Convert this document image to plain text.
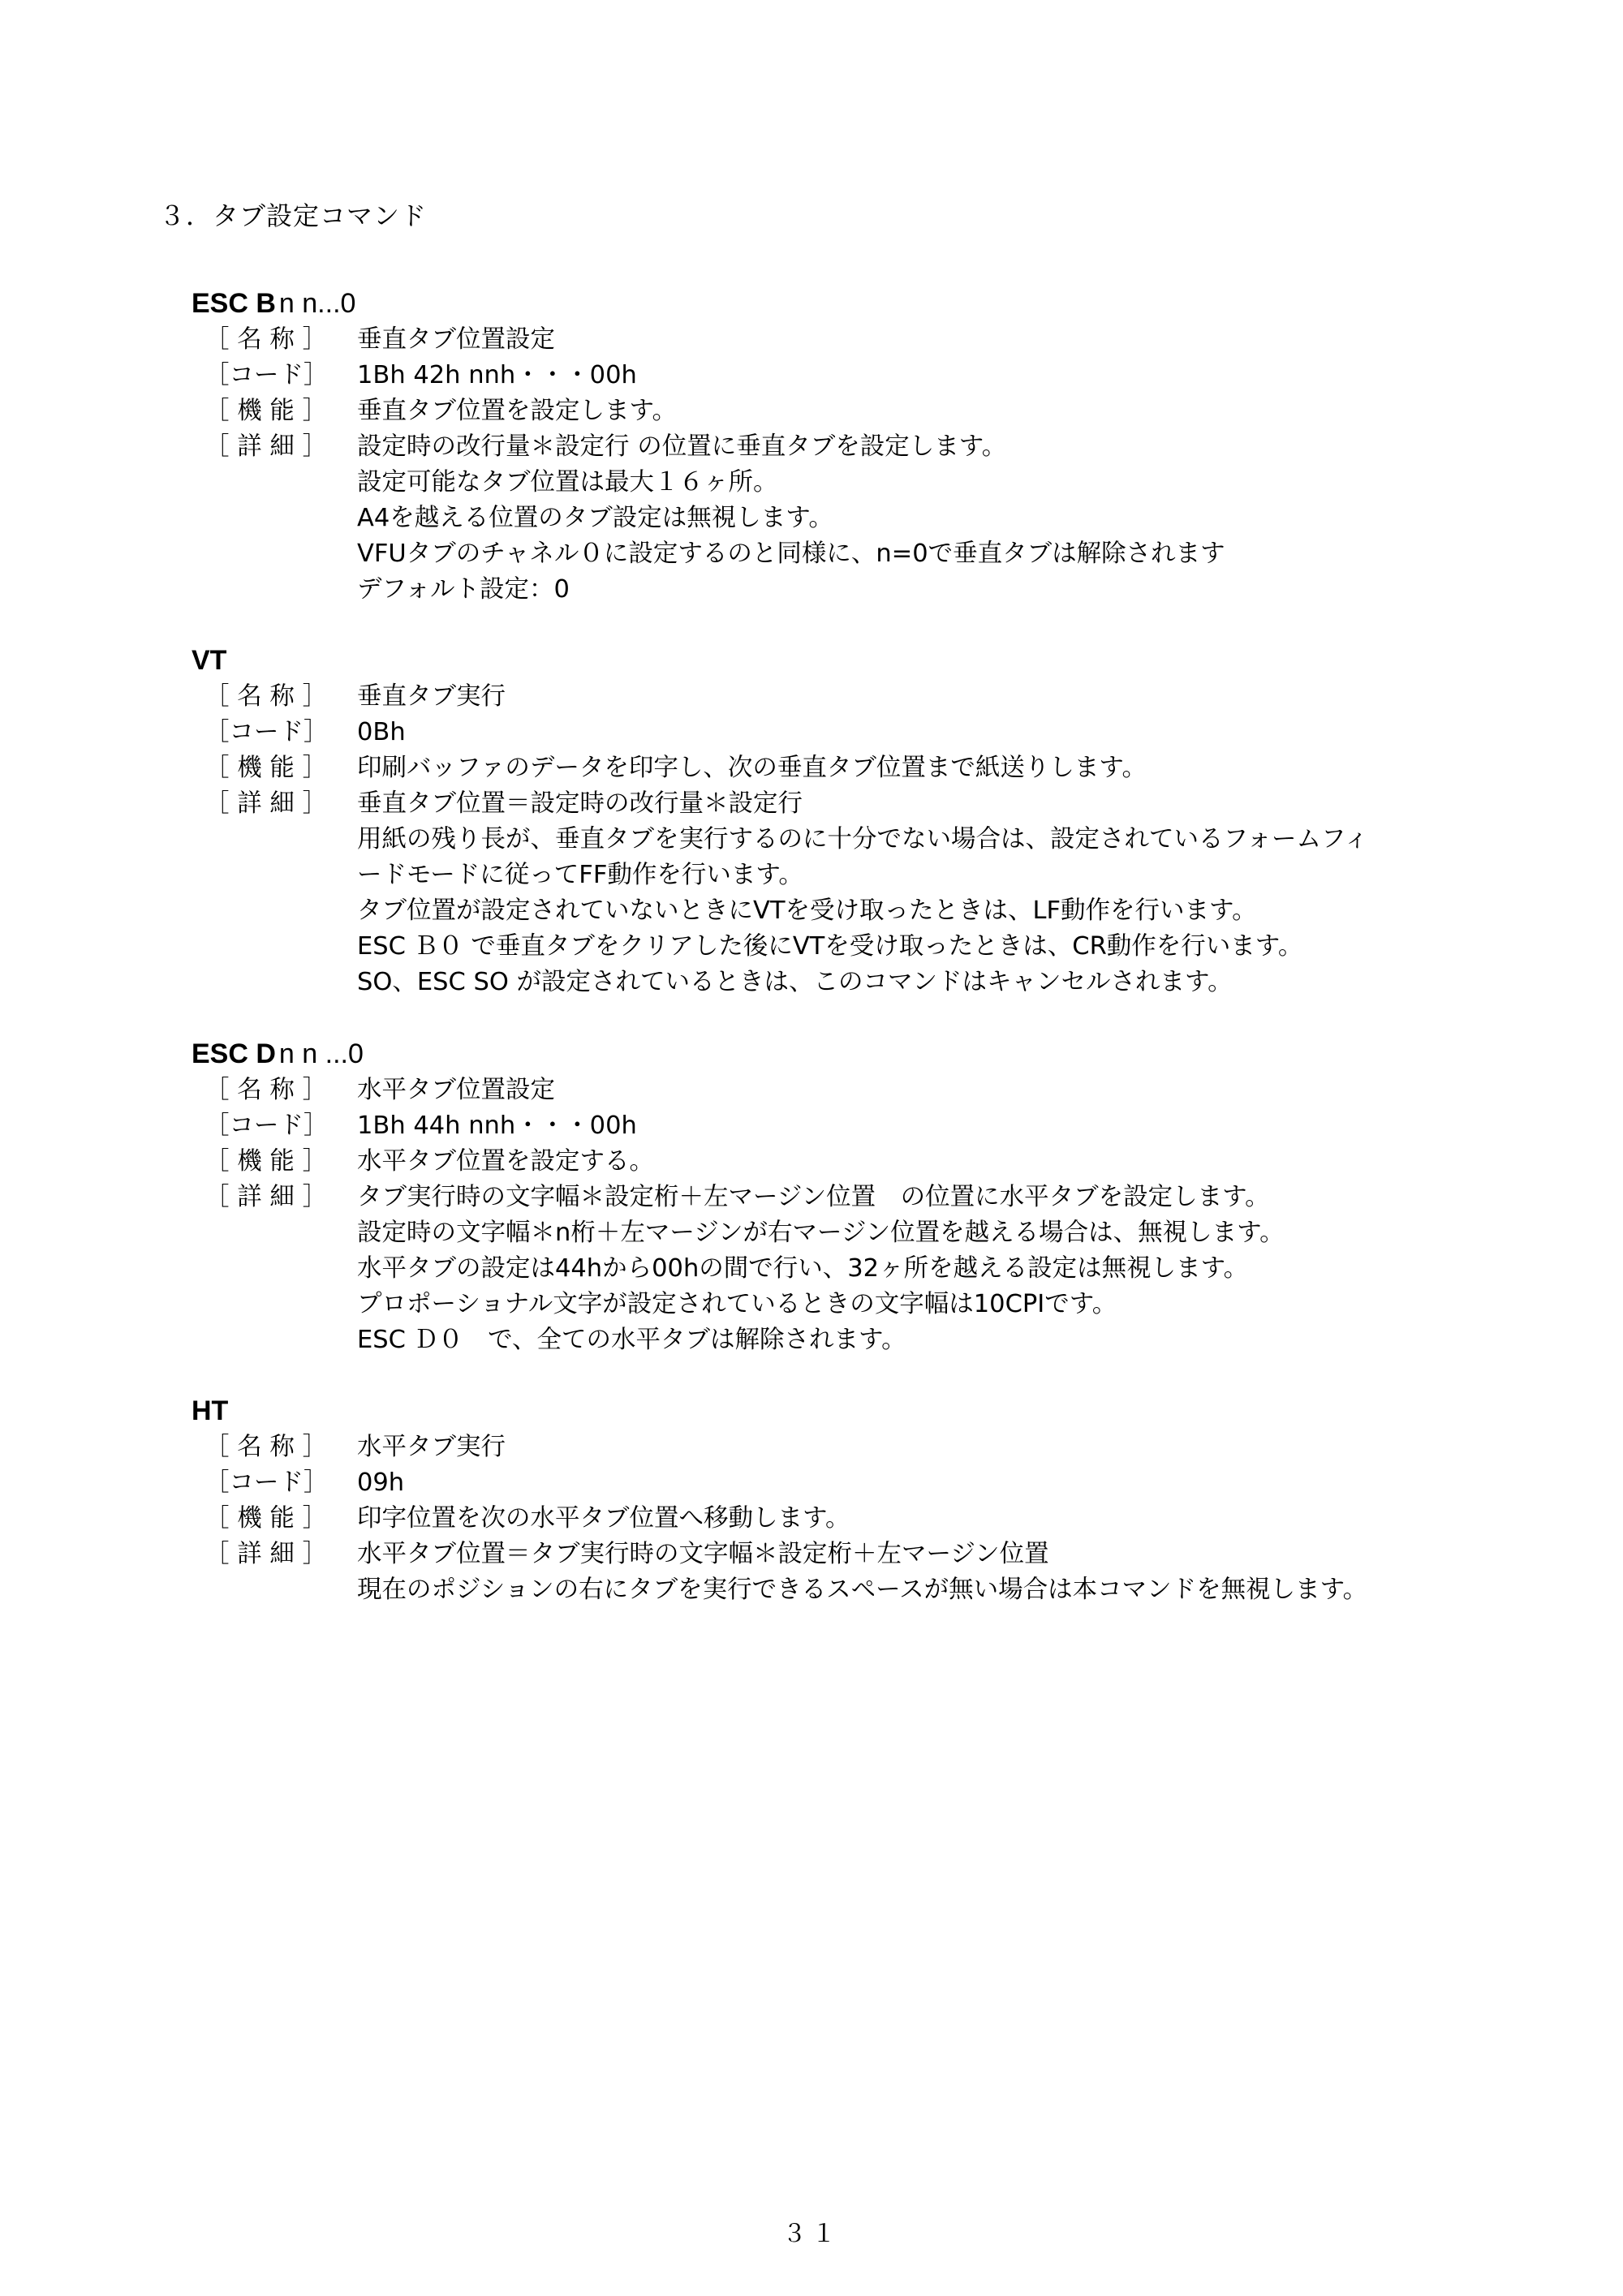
３．タブ設定コマンド
ESC B n n...0
［ 名 称 ］ 垂直タブ位置設定
［コード］ 1Bh 42h nnh・・・00h
［ 機 能 ］ 垂直タブ位置を設定します。
［ 詳 細 ］ 設定時の改行量＊設定行 の位置に垂直タブを設定します。
設定可能なタブ位置は最大１６ヶ所。
A4を越える位置のタブ設定は無視します。
VFUタブのチャネル０に設定するのと同様に、n=0で垂直タブは解除されます
デフォルト設定：0
VT
［ 名 称 ］ 垂直タブ実行
［コード］ 0Bh
［ 機 能 ］ 印刷バッファのデータを印字し、次の垂直タブ位置まで紙送りします。
［ 詳 細 ］ 垂直タブ位置＝設定時の改行量＊設定行
用紙の残り長が、垂直タブを実行するのに十分でない場合は、設定されているフォームフィ
ードモードに従ってFF動作を行います。
タブ位置が設定されていないときにVTを受け取ったときは、LF動作を行います。
ESC Ｂ０ で垂直タブをクリアした後にVTを受け取ったときは、CR動作を行います。
SO、ESC SO が設定されているときは、このコマンドはキャンセルされます。
ESC D n n ...0
［ 名 称 ］ 水平タブ位置設定
［コード］ 1Bh 44h nnh・・・00h
［ 機 能 ］ 水平タブ位置を設定する。
［ 詳 細 ］ タブ実行時の文字幅＊設定桁＋左マージン位置　の位置に水平タブを設定します。
設定時の文字幅＊n桁＋左マージンが右マージン位置を越える場合は、無視します。
水平タブの設定は44hから00hの間で行い、32ヶ所を越える設定は無視します。
プロポーショナル文字が設定されているときの文字幅は10CPIです。
ESC Ｄ０　で、全ての水平タブは解除されます。
HT
［ 名 称 ］ 水平タブ実行
［コード］ 09h
［ 機 能 ］ 印字位置を次の水平タブ位置へ移動します。
［ 詳 細 ］ 水平タブ位置＝タブ実行時の文字幅＊設定桁＋左マージン位置
現在のポジションの右にタブを実行できるスペースが無い場合は本コマンドを無視します。
３１
